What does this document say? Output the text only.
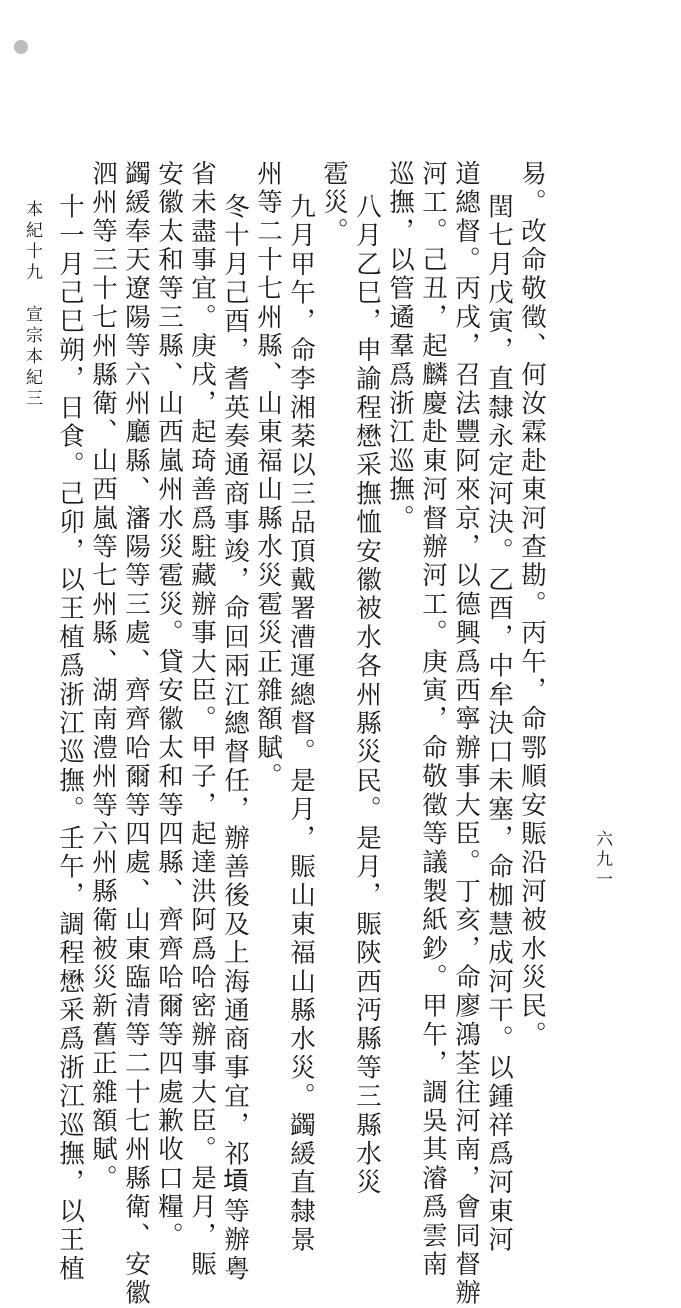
易。改命敬徵、何汝霖赴東河查勘。丙午，命鄂順安賑沿河被水災民。
閏七月戊寅，直隸永定河決。乙酉，中牟決口未塞，命枷慧成河干。以鍾祥爲河東河
道總督。丙戌，召法豐阿來京，以德興爲西寧辦事大臣。丁亥，命廖鴻荃往河南，會同督辦
河工。己丑，起麟慶赴東河督辦河工。庚寅，命敬徵等議製紙鈔。甲午，調吳其濬爲雲南
巡撫，以管遹羣爲浙江巡撫。
八月乙巳，申諭程懋采撫恤安徽被水各州縣災民。是月，賑陝西沔縣等三縣水災
雹災。
九月甲午，命李湘棻以三品頂戴署漕運總督。是月，賑山東福山縣水災。蠲緩直隸景
州等二十七州縣、山東福山縣水災雹災正雜額賦。
冬十月己酉，耆英奏通商事竣，命回兩江總督任，辦善後及上海通商事宜，祁𡎴等辦粤
省未盡事宜。庚戌，起琦善爲駐藏辦事大臣。甲子，起達洪阿爲哈密辦事大臣。是月，賑
安徽太和等三縣、山西嵐州水災雹災。貸安徽太和等四縣、齊齊哈爾等四處歉收口糧。
蠲緩奉天遼陽等六州廳縣、瀋陽等三處、齊齊哈爾等四處、山東臨清等二十七州縣衛、安徽
泗州等三十七州縣衛、山西嵐等七州縣、湖南澧州等六州縣衛被災新舊正雜額賦。
十一月己巳朔，日食。己卯，以王植爲浙江巡撫。壬午，調程懋采爲浙江巡撫，以王植
本紀十九　宣宗本紀三
六九一
